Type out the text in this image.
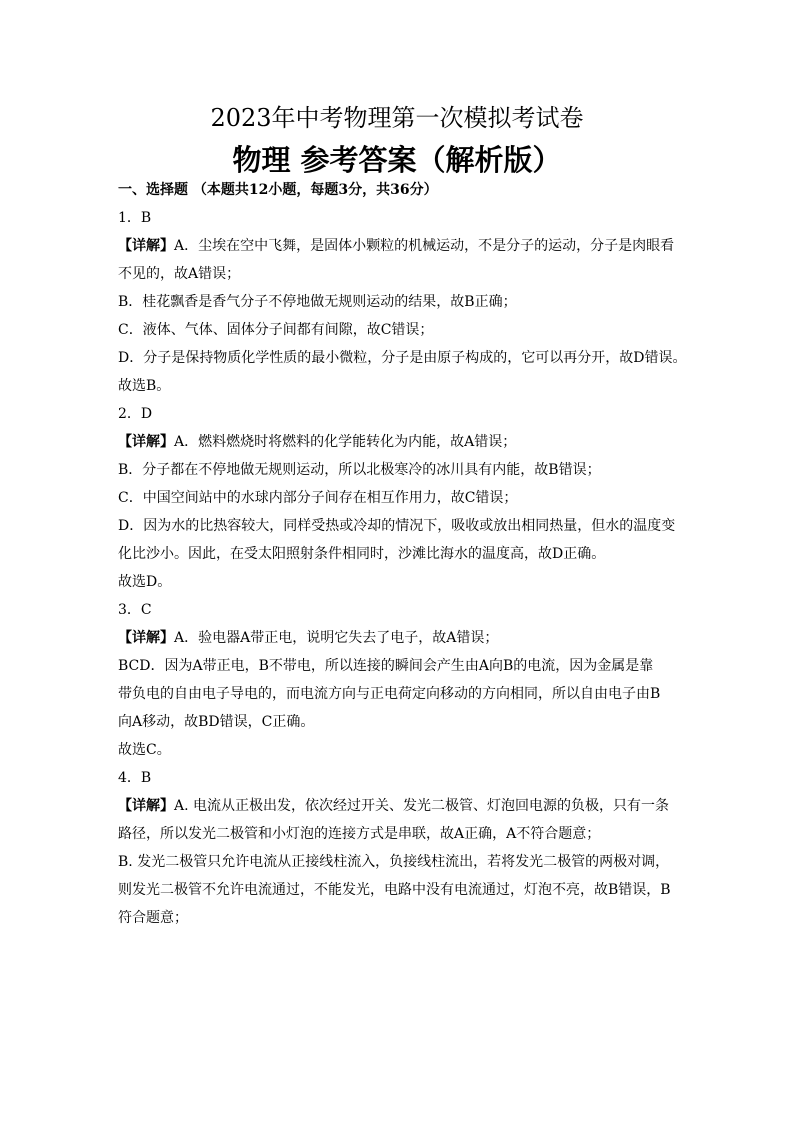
2023年中考物理第一次模拟考试卷
物理 参考答案（解析版）
一、选择题 （本题共12小题，每题3分，共36分）
1．B
【详解】A．尘埃在空中飞舞，是固体小颗粒的机械运动，不是分子的运动，分子是肉眼看
不见的，故A错误；
B．桂花飘香是香气分子不停地做无规则运动的结果，故B正确；
C．液体、气体、固体分子间都有间隙，故C错误；
D．分子是保持物质化学性质的最小微粒，分子是由原子构成的，它可以再分开，故D错误。
故选B。
2．D
【详解】A．燃料燃烧时将燃料的化学能转化为内能，故A错误；
B．分子都在不停地做无规则运动，所以北极寒冷的冰川具有内能，故B错误；
C．中国空间站中的水球内部分子间存在相互作用力，故C错误；
D．因为水的比热容较大，同样受热或冷却的情况下，吸收或放出相同热量，但水的温度变
化比沙小。因此，在受太阳照射条件相同时，沙滩比海水的温度高，故D正确。
故选D。
3．C
【详解】A．验电器A带正电，说明它失去了电子，故A错误；
BCD．因为A带正电，B不带电，所以连接的瞬间会产生由A向B的电流，因为金属是靠
带负电的自由电子导电的，而电流方向与正电荷定向移动的方向相同，所以自由电子由B
向A移动，故BD错误，C正确。
故选C。
4．B
【详解】A. 电流从正极出发，依次经过开关、发光二极管、灯泡回电源的负极，只有一条
路径，所以发光二极管和小灯泡的连接方式是串联，故A正确，A不符合题意；
B. 发光二极管只允许电流从正接线柱流入，负接线柱流出，若将发光二极管的两极对调，
则发光二极管不允许电流通过，不能发光，电路中没有电流通过，灯泡不亮，故B错误，B
符合题意；
